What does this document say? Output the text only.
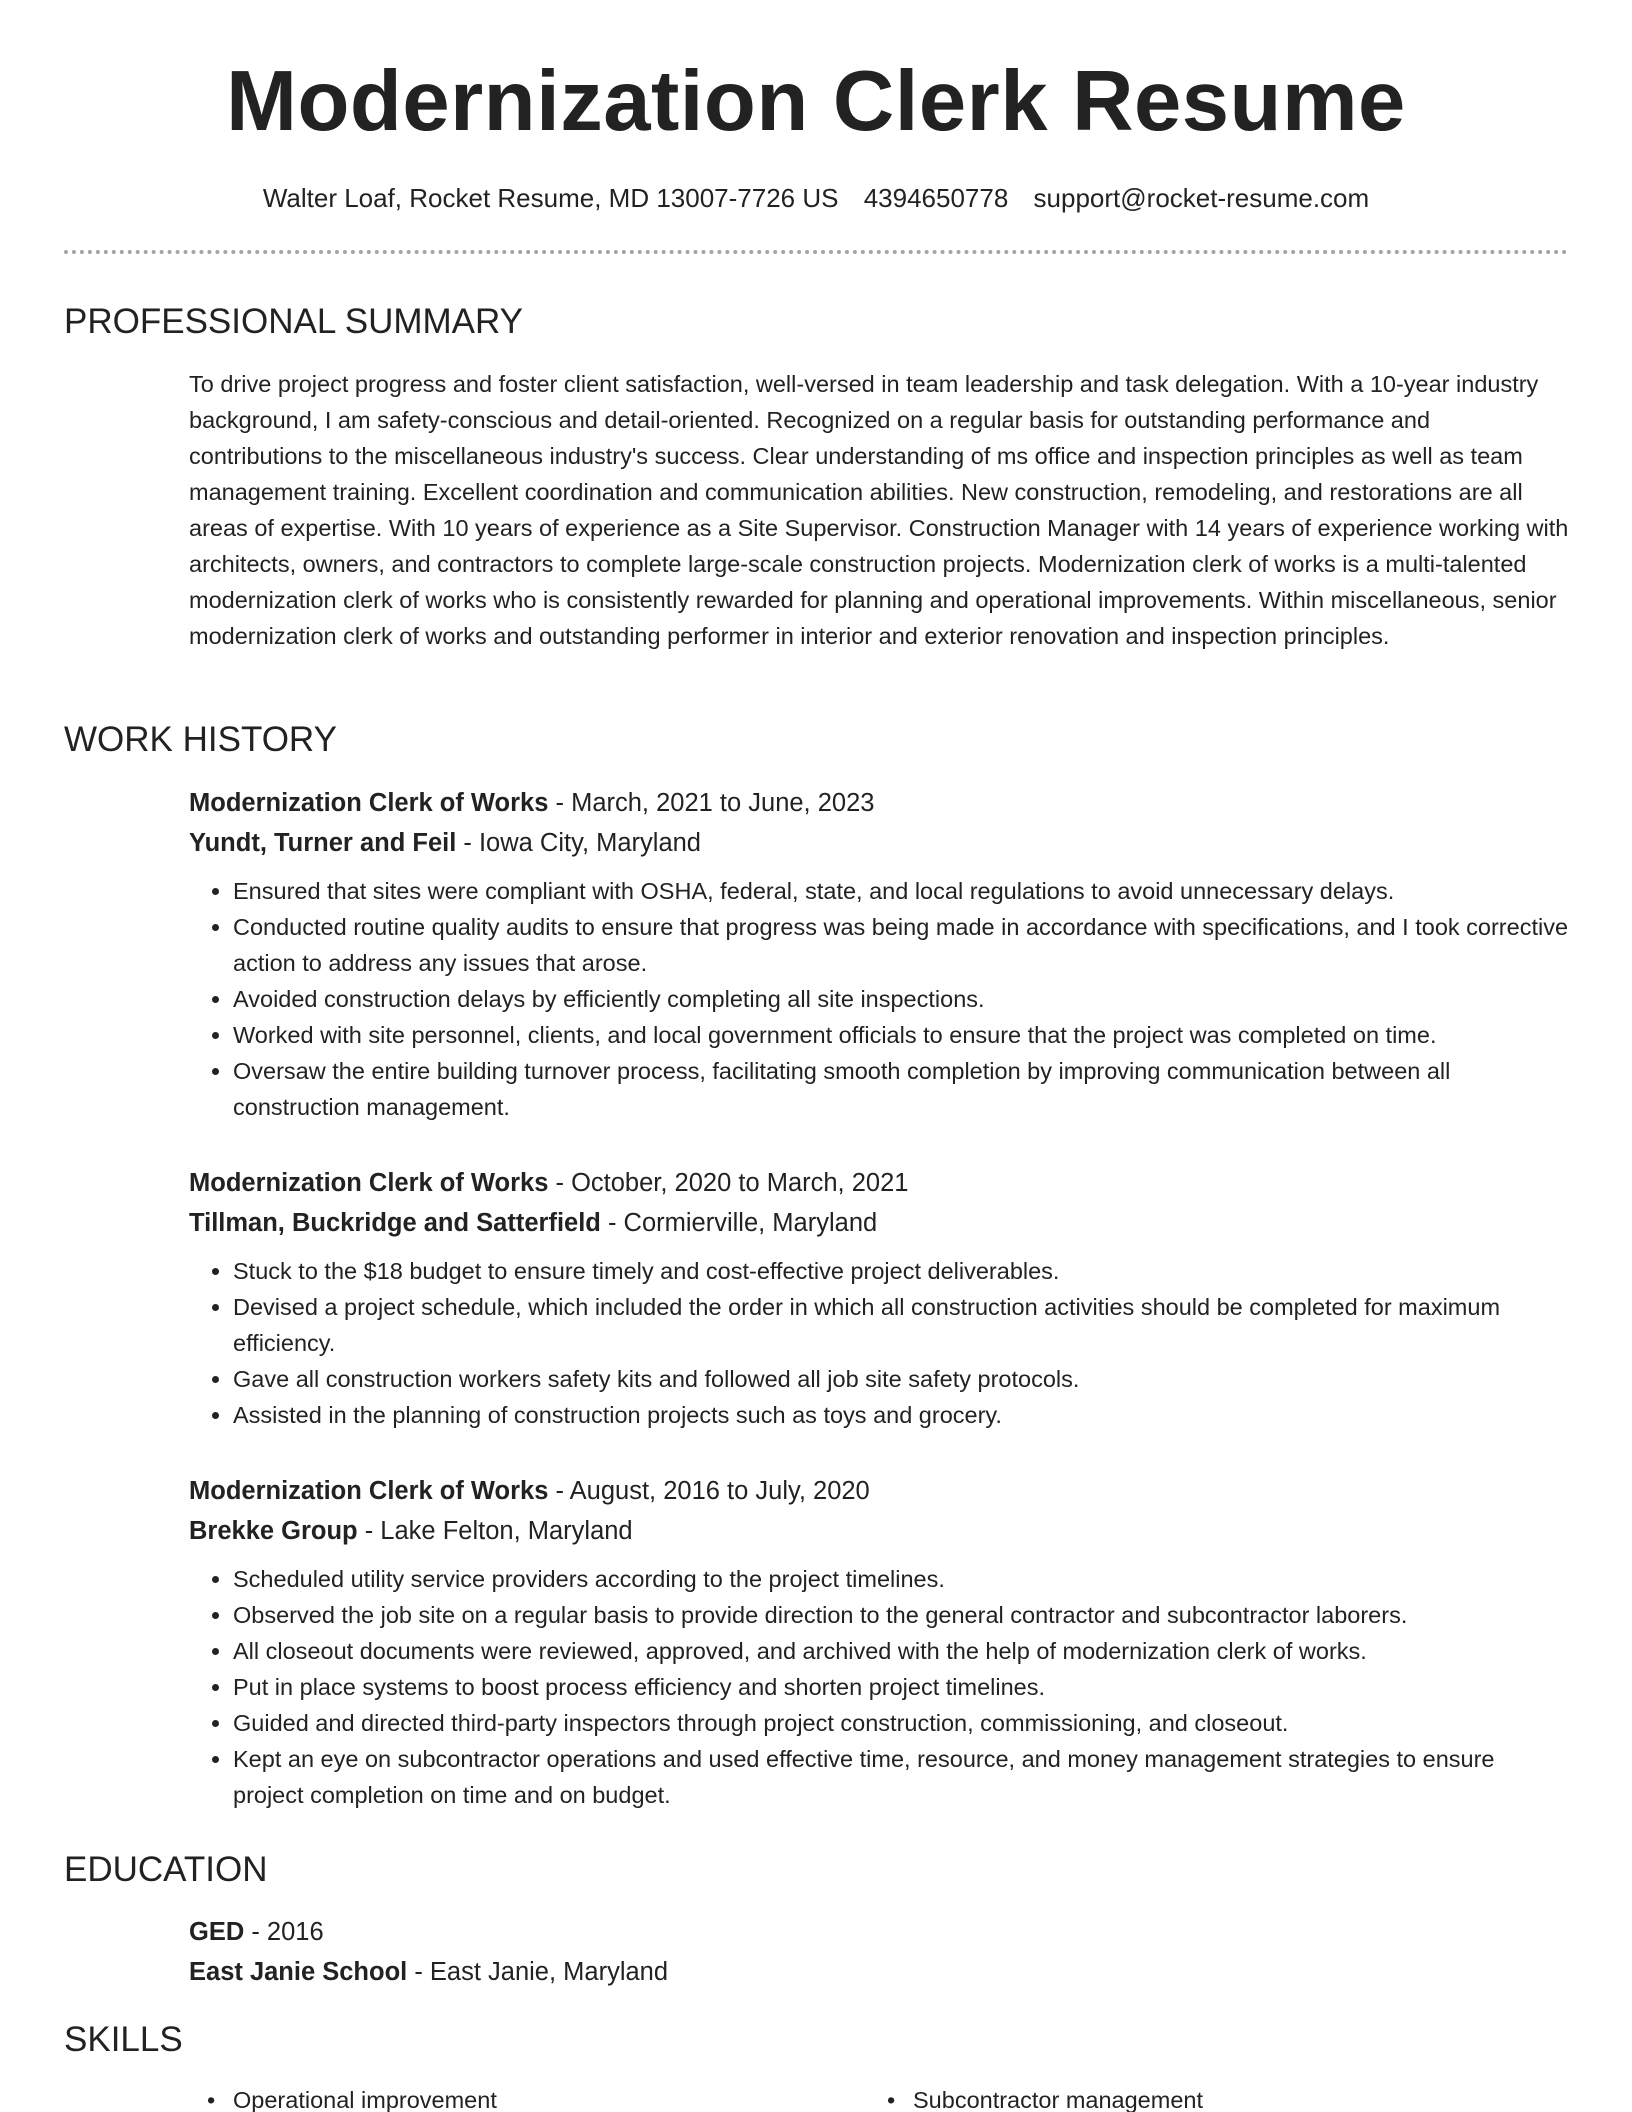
Modernization Clerk Resume
Walter Loaf, Rocket Resume, MD 13007-7726 US 4394650778 support@rocket-resume.com
PROFESSIONAL SUMMARY

To drive project progress and foster client satisfaction, well-versed in team leadership and task delegation. With a 10-year industry background, I am safety-conscious and detail-oriented. Recognized on a regular basis for outstanding performance and contributions to the miscellaneous industry's success. Clear understanding of ms office and inspection principles as well as team management training. Excellent coordination and communication abilities. New construction, remodeling, and restorations are all areas of expertise. With 10 years of experience as a Site Supervisor. Construction Manager with 14 years of experience working with architects, owners, and contractors to complete large-scale construction projects. Modernization clerk of works is a multi-talented modernization clerk of works who is consistently rewarded for planning and operational improvements. Within miscellaneous, senior modernization clerk of works and outstanding performer in interior and exterior renovation and inspection principles.

WORK HISTORY
Modernization Clerk of Works - March, 2021 to June, 2023
Yundt, Turner and Feil - Iowa City, Maryland
• Ensured that sites were compliant with OSHA, federal, state, and local regulations to avoid unnecessary delays.
• Conducted routine quality audits to ensure that progress was being made in accordance with specifications, and I took corrective action to address any issues that arose.
• Avoided construction delays by efficiently completing all site inspections.
• Worked with site personnel, clients, and local government officials to ensure that the project was completed on time.
• Oversaw the entire building turnover process, facilitating smooth completion by improving communication between all construction management.
Modernization Clerk of Works - October, 2020 to March, 2021
Tillman, Buckridge and Satterfield - Cormierville, Maryland
• Stuck to the $18 budget to ensure timely and cost-effective project deliverables.
• Devised a project schedule, which included the order in which all construction activities should be completed for maximum efficiency.
• Gave all construction workers safety kits and followed all job site safety protocols.
• Assisted in the planning of construction projects such as toys and grocery.
Modernization Clerk of Works - August, 2016 to July, 2020
Brekke Group - Lake Felton, Maryland
• Scheduled utility service providers according to the project timelines.
• Observed the job site on a regular basis to provide direction to the general contractor and subcontractor laborers.
• All closeout documents were reviewed, approved, and archived with the help of modernization clerk of works.
• Put in place systems to boost process efficiency and shorten project timelines.
• Guided and directed third-party inspectors through project construction, commissioning, and closeout.
• Kept an eye on subcontractor operations and used effective time, resource, and money management strategies to ensure project completion on time and on budget.
EDUCATION
GED - 2016
East Janie School - East Janie, Maryland
SKILLS
• Operational improvement
•	Subcontractor management
